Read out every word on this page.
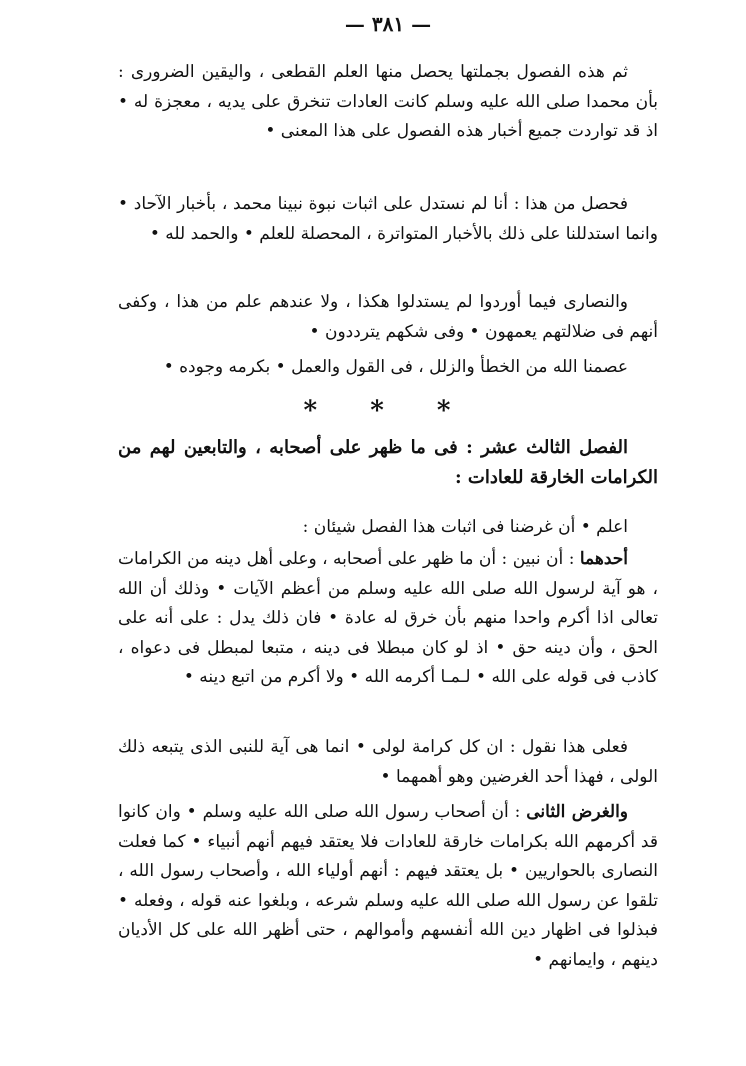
— ٣٨١ —

ثم هذه الفصول بجملتها يحصل منها العلم القطعى ، واليقين الضرورى : بأن محمدا صلى الله عليه وسلم كانت العادات تنخرق على يديه ، معجزة له • اذ قد تواردت جميع أخبار هذه الفصول على هذا المعنى •

فحصل من هذا : أنا لم نستدل على اثبات نبوة نبينا محمد ، بأخبار الآحاد • وانما استدللنا على ذلك بالأخبار المتواترة ، المحصلة للعلم • والحمد لله •

والنصارى فيما أوردوا لم يستدلوا هكذا ، ولا عندهم علم من هذا ، وكفى أنهم فى ضلالتهم يعمهون • وفى شكهم يترددون •

عصمنا الله من الخطأ والزلل ، فى القول والعمل • بكرمه وجوده •

* * *

الفصل الثالث عشر : فى ما ظهر على أصحابه ، والتابعين لهم من الكرامات الخارقة للعادات :

اعلم • أن غرضنا فى اثبات هذا الفصل شيئان :

أحدهما : أن نبين : أن ما ظهر على أصحابه ، وعلى أهل دينه من الكرامات ، هو آية لرسول الله صلى الله عليه وسلم من أعظم الآيات • وذلك أن الله تعالى اذا أكرم واحدا منهم بأن خرق له عادة • فان ذلك يدل : على أنه على الحق ، وأن دينه حق • اذ لو كان مبطلا فى دينه ، متبعا لمبطل فى دعواه ، كاذب فى قوله على الله • لـمـا أكرمه الله • ولا أكرم من اتبع دينه •

فعلى هذا نقول : ان كل كرامة لولى • انما هى آية للنبى الذى يتبعه ذلك الولى ، فهذا أحد الغرضين وهو أهمهما •

والغرض الثانى : أن أصحاب رسول الله صلى الله عليه وسلم • وان كانوا قد أكرمهم الله بكرامات خارقة للعادات فلا يعتقد فيهم أنهم أنبياء • كما فعلت النصارى بالحواريين • بل يعتقد فيهم : أنهم أولياء الله ، وأصحاب رسول الله ، تلقوا عن رسول الله صلى الله عليه وسلم شرعه ، وبلغوا عنه قوله ، وفعله • فبذلوا فى اظهار دين الله أنفسهم وأموالهم ، حتى أظهر الله على كل الأديان دينهم ، وايمانهم •
